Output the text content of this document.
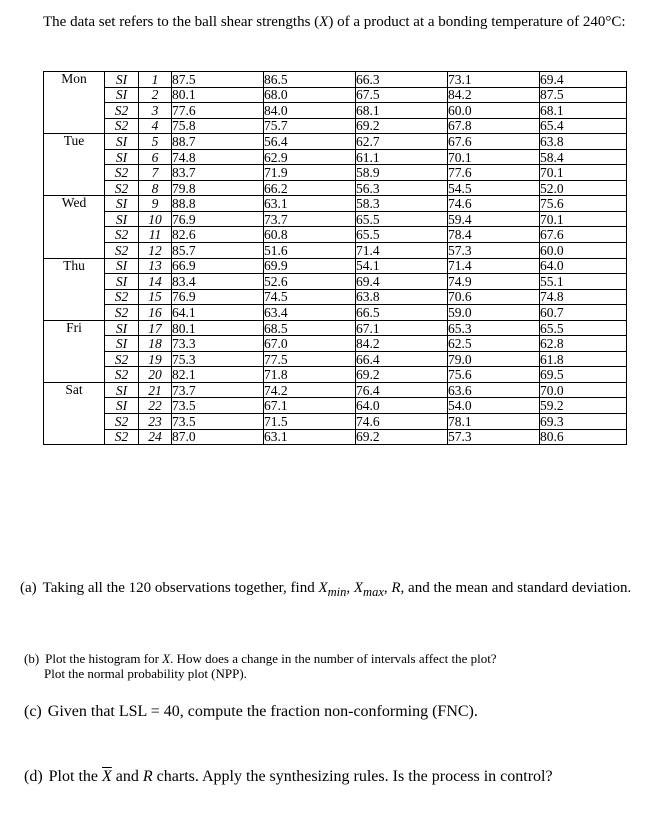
The data set refers to the ball shear strengths (X) of a product at a bonding temperature of 240°C:
Mon	SI	1	87.5	86.5	66.3	73.1	69.4
	SI	2	80.1	68.0	67.5	84.2	87.5
	S2	3	77.6	84.0	68.1	60.0	68.1
	S2	4	75.8	75.7	69.2	67.8	65.4
Tue	SI	5	88.7	56.4	62.7	67.6	63.8
	SI	6	74.8	62.9	61.1	70.1	58.4
	S2	7	83.7	71.9	58.9	77.6	70.1
	S2	8	79.8	66.2	56.3	54.5	52.0
Wed	SI	9	88.8	63.1	58.3	74.6	75.6
	SI	10	76.9	73.7	65.5	59.4	70.1
	S2	11	82.6	60.8	65.5	78.4	67.6
	S2	12	85.7	51.6	71.4	57.3	60.0
Thu	SI	13	66.9	69.9	54.1	71.4	64.0
	SI	14	83.4	52.6	69.4	74.9	55.1
	S2	15	76.9	74.5	63.8	70.6	74.8
	S2	16	64.1	63.4	66.5	59.0	60.7
Fri	SI	17	80.1	68.5	67.1	65.3	65.5
	SI	18	73.3	67.0	84.2	62.5	62.8
	S2	19	75.3	77.5	66.4	79.0	61.8
	S2	20	82.1	71.8	69.2	75.6	69.5
Sat	SI	21	73.7	74.2	76.4	63.6	70.0
	SI	22	73.5	67.1	64.0	54.0	59.2
	S2	23	73.5	71.5	74.6	78.1	69.3
	S2	24	87.0	63.1	69.2	57.3	80.6
(a) Taking all the 120 observations together, find $X_{min}$, $X_{max}$, R, and the mean and standard deviation.
(b) Plot the histogram for X. How does a change in the number of intervals affect the plot?
Plot the normal probability plot (NPP).
(c) Given that LSL = 40, compute the fraction non-conforming (FNC).
(d) Plot the $\overline{X}$ and R charts. Apply the synthesizing rules. Is the process in control?
